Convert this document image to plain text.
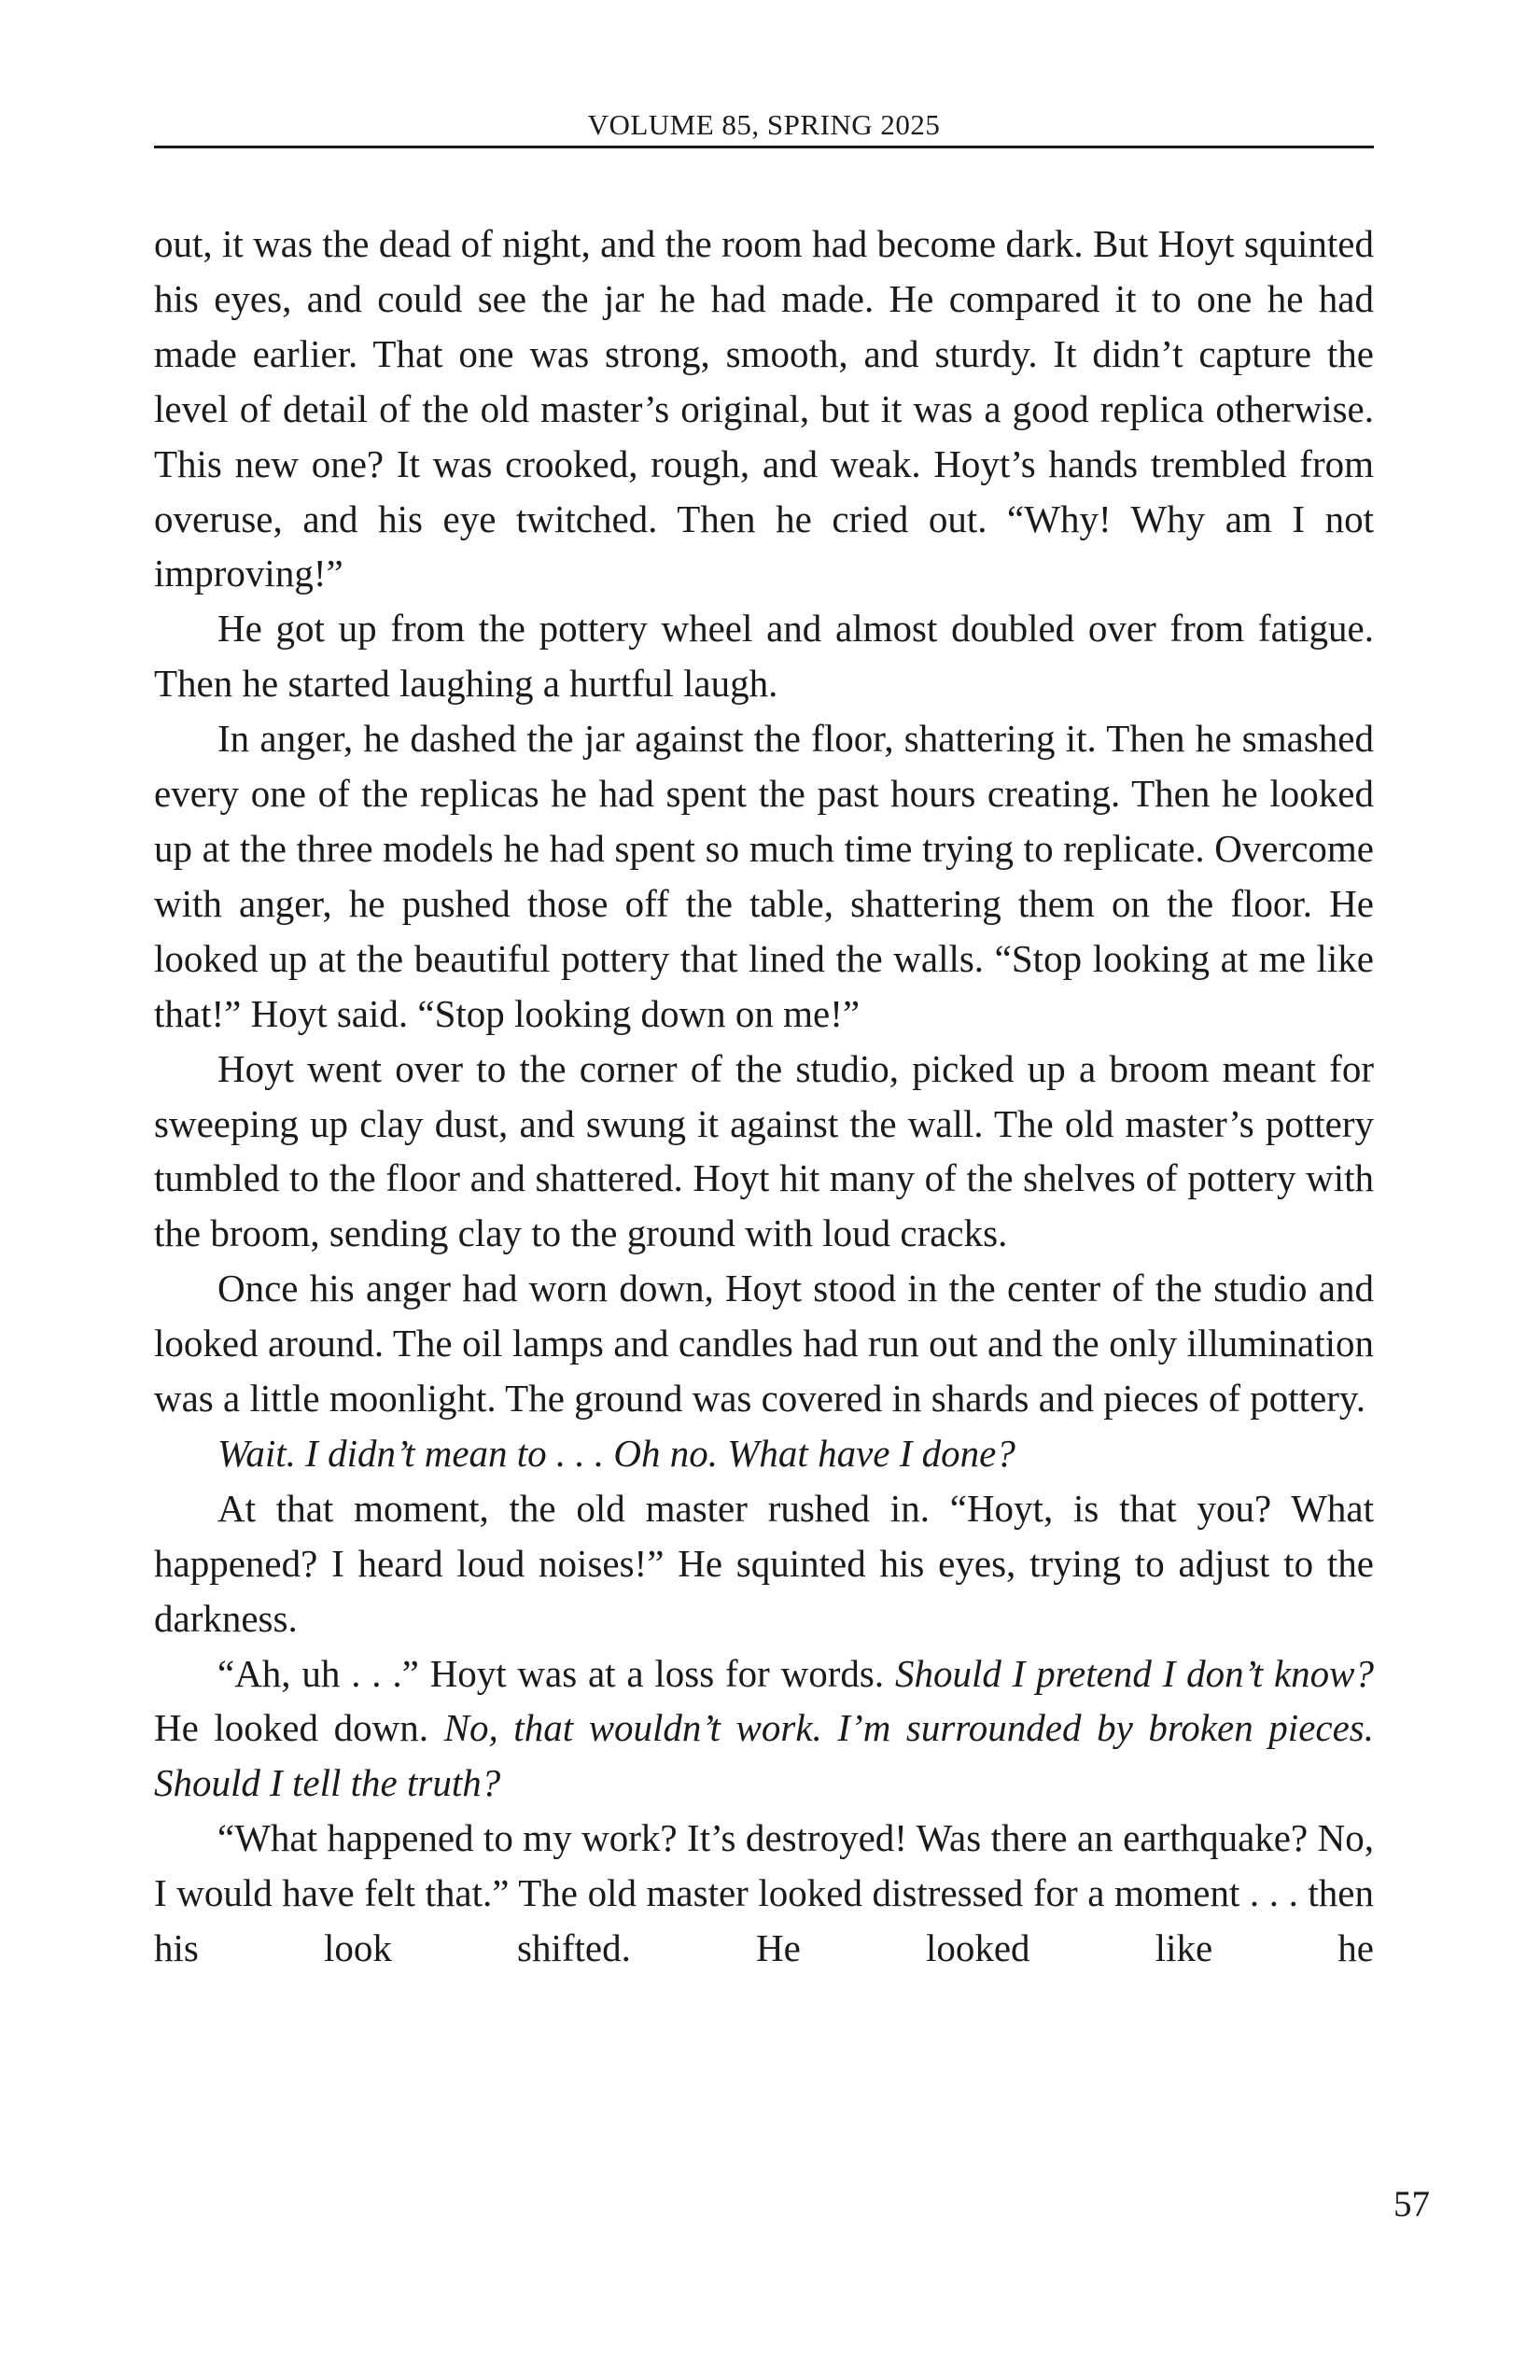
VOLUME 85, SPRING 2025

out, it was the dead of night, and the room had become dark. But Hoyt squinted his eyes, and could see the jar he had made. He compared it to one he had made earlier. That one was strong, smooth, and sturdy. It didn’t capture the level of detail of the old master’s original, but it was a good replica otherwise. This new one? It was crooked, rough, and weak. Hoyt’s hands trembled from overuse, and his eye twitched. Then he cried out. “Why! Why am I not improving!”

He got up from the pottery wheel and almost doubled over from fatigue. Then he started laughing a hurtful laugh.

In anger, he dashed the jar against the floor, shattering it. Then he smashed every one of the replicas he had spent the past hours creating. Then he looked up at the three models he had spent so much time trying to replicate. Overcome with anger, he pushed those off the table, shattering them on the floor. He looked up at the beautiful pottery that lined the walls. “Stop looking at me like that!” Hoyt said. “Stop looking down on me!”

Hoyt went over to the corner of the studio, picked up a broom meant for sweeping up clay dust, and swung it against the wall. The old master’s pottery tumbled to the floor and shattered. Hoyt hit many of the shelves of pottery with the broom, sending clay to the ground with loud cracks.

Once his anger had worn down, Hoyt stood in the center of the studio and looked around. The oil lamps and candles had run out and the only illumination was a little moonlight. The ground was covered in shards and pieces of pottery.

Wait. I didn’t mean to . . . Oh no. What have I done?

At that moment, the old master rushed in. “Hoyt, is that you? What happened? I heard loud noises!” He squinted his eyes, trying to adjust to the darkness.

“Ah, uh . . .” Hoyt was at a loss for words. Should I pretend I don’t know? He looked down. No, that wouldn’t work. I’m surrounded by broken pieces. Should I tell the truth?

“What happened to my work? It’s destroyed! Was there an earthquake? No, I would have felt that.” The old master looked distressed for a moment . . . then his look shifted. He looked like he

57
